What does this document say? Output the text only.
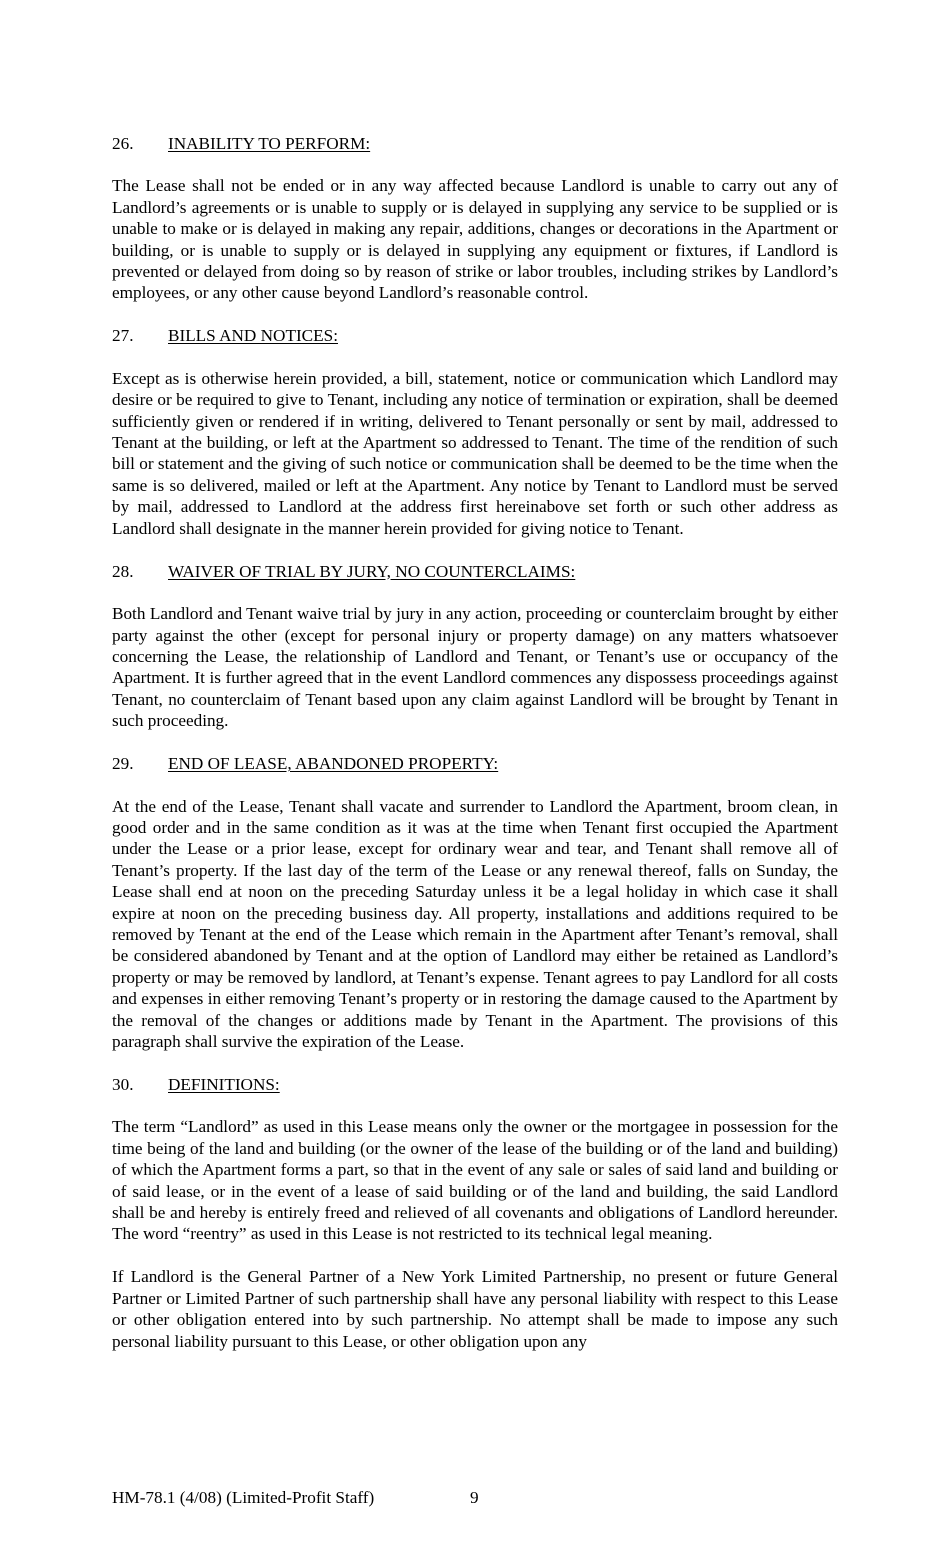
26. INABILITY TO PERFORM:

The Lease shall not be ended or in any way affected because Landlord is unable to carry out any of Landlord’s agreements or is unable to supply or is delayed in supplying any service to be supplied or is unable to make or is delayed in making any repair, additions, changes or decorations in the Apartment or building, or is unable to supply or is delayed in supplying any equipment or fixtures, if Landlord is prevented or delayed from doing so by reason of strike or labor troubles, including strikes by Landlord’s employees, or any other cause beyond Landlord’s reasonable control.

27. BILLS AND NOTICES:

Except as is otherwise herein provided, a bill, statement, notice or communication which Landlord may desire or be required to give to Tenant, including any notice of termination or expiration, shall be deemed sufficiently given or rendered if in writing, delivered to Tenant personally or sent by mail, addressed to Tenant at the building, or left at the Apartment so addressed to Tenant. The time of the rendition of such bill or statement and the giving of such notice or communication shall be deemed to be the time when the same is so delivered, mailed or left at the Apartment. Any notice by Tenant to Landlord must be served by mail, addressed to Landlord at the address first hereinabove set forth or such other address as Landlord shall designate in the manner herein provided for giving notice to Tenant.

28. WAIVER OF TRIAL BY JURY, NO COUNTERCLAIMS:

Both Landlord and Tenant waive trial by jury in any action, proceeding or counterclaim brought by either party against the other (except for personal injury or property damage) on any matters whatsoever concerning the Lease, the relationship of Landlord and Tenant, or Tenant’s use or occupancy of the Apartment. It is further agreed that in the event Landlord commences any dispossess proceedings against Tenant, no counterclaim of Tenant based upon any claim against Landlord will be brought by Tenant in such proceeding.

29. END OF LEASE, ABANDONED PROPERTY:

At the end of the Lease, Tenant shall vacate and surrender to Landlord the Apartment, broom clean, in good order and in the same condition as it was at the time when Tenant first occupied the Apartment under the Lease or a prior lease, except for ordinary wear and tear, and Tenant shall remove all of Tenant’s property. If the last day of the term of the Lease or any renewal thereof, falls on Sunday, the Lease shall end at noon on the preceding Saturday unless it be a legal holiday in which case it shall expire at noon on the preceding business day. All property, installations and additions required to be removed by Tenant at the end of the Lease which remain in the Apartment after Tenant’s removal, shall be considered abandoned by Tenant and at the option of Landlord may either be retained as Landlord’s property or may be removed by landlord, at Tenant’s expense. Tenant agrees to pay Landlord for all costs and expenses in either removing Tenant’s property or in restoring the damage caused to the Apartment by the removal of the changes or additions made by Tenant in the Apartment. The provisions of this paragraph shall survive the expiration of the Lease.

30. DEFINITIONS:

The term “Landlord” as used in this Lease means only the owner or the mortgagee in possession for the time being of the land and building (or the owner of the lease of the building or of the land and building) of which the Apartment forms a part, so that in the event of any sale or sales of said land and building or of said lease, or in the event of a lease of said building or of the land and building, the said Landlord shall be and hereby is entirely freed and relieved of all covenants and obligations of Landlord hereunder. The word “reentry” as used in this Lease is not restricted to its technical legal meaning.

If Landlord is the General Partner of a New York Limited Partnership, no present or future General Partner or Limited Partner of such partnership shall have any personal liability with respect to this Lease or other obligation entered into by such partnership. No attempt shall be made to impose any such personal liability pursuant to this Lease, or other obligation upon any

HM-78.1 (4/08) (Limited-Profit Staff)	9
